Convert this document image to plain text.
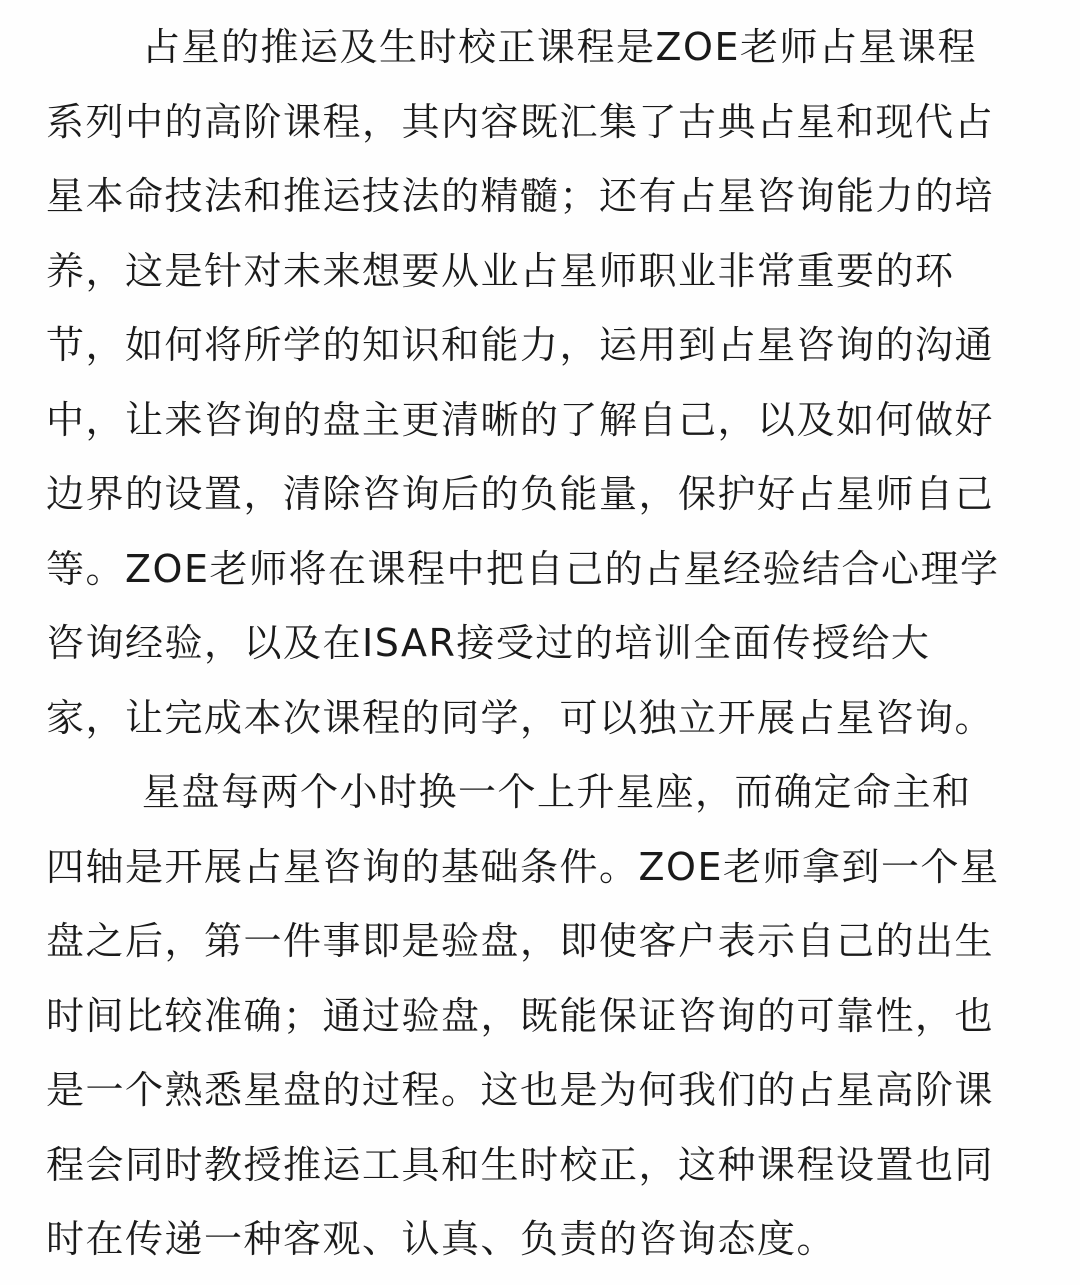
占星的推运及生时校正课程是ZOE老师占星课程
系列中的高阶课程，其内容既汇集了古典占星和现代占
星本命技法和推运技法的精髓；还有占星咨询能力的培
养，这是针对未来想要从业占星师职业非常重要的环
节，如何将所学的知识和能力，运用到占星咨询的沟通
中，让来咨询的盘主更清晰的了解自己，以及如何做好
边界的设置，清除咨询后的负能量，保护好占星师自己
等。ZOE老师将在课程中把自己的占星经验结合心理学
咨询经验，以及在ISAR接受过的培训全面传授给大
家，让完成本次课程的同学，可以独立开展占星咨询。
星盘每两个小时换一个上升星座，而确定命主和
四轴是开展占星咨询的基础条件。ZOE老师拿到一个星
盘之后，第一件事即是验盘，即使客户表示自己的出生
时间比较准确；通过验盘，既能保证咨询的可靠性，也
是一个熟悉星盘的过程。这也是为何我们的占星高阶课
程会同时教授推运工具和生时校正，这种课程设置也同
时在传递一种客观、认真、负责的咨询态度。
